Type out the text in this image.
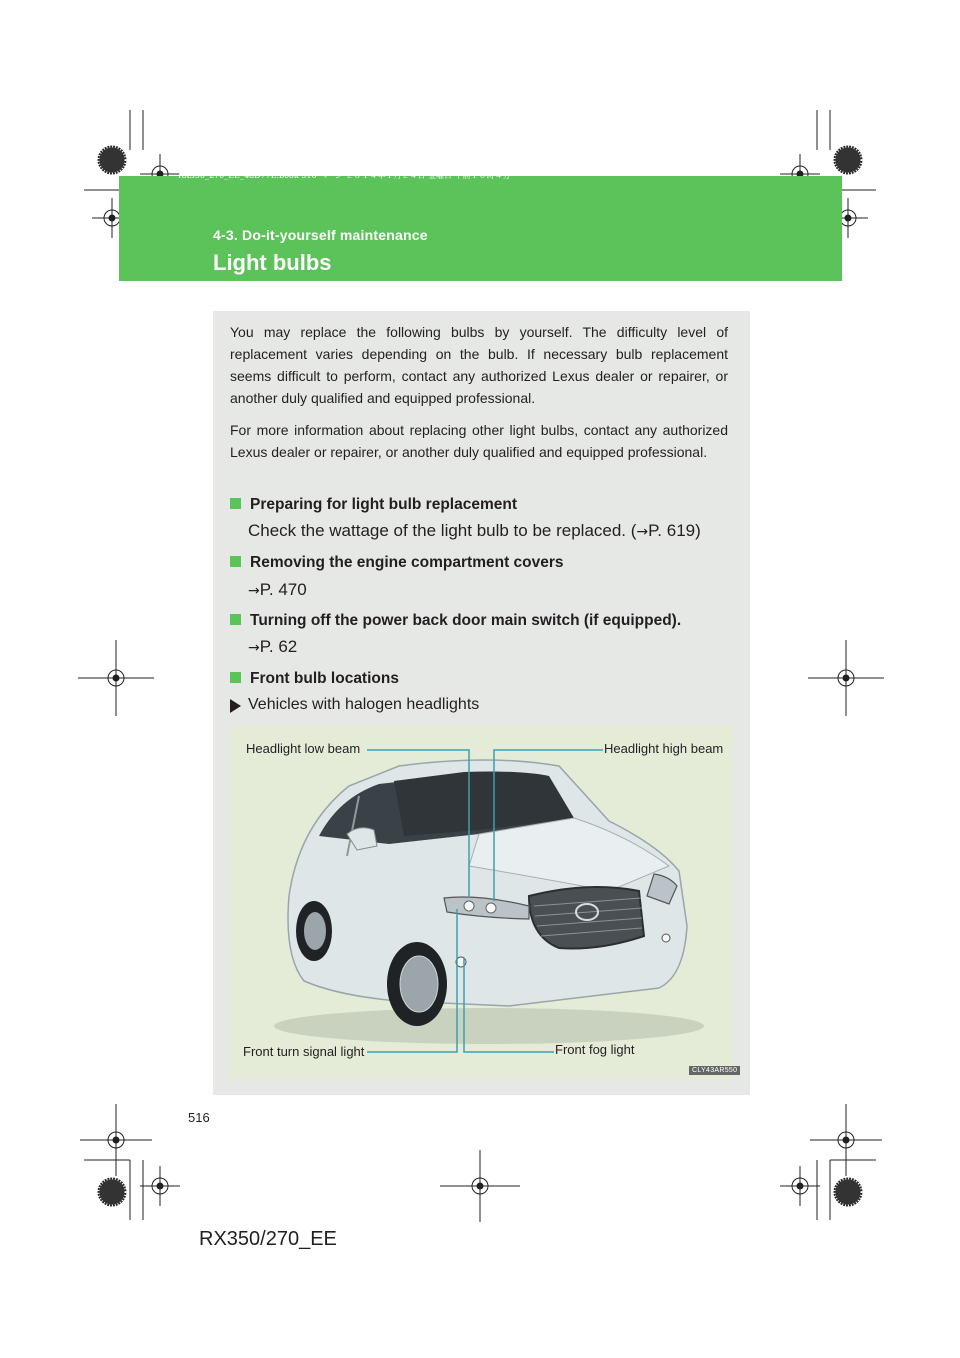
RX350_270_EE_48D77E.book 516 ページ ２０１４年１月２４日 金曜日 午前１０時４分
4-3. Do-it-yourself maintenance
Light bulbs
You may replace the following bulbs by yourself. The difficulty level of replacement varies depending on the bulb. If necessary bulb replacement seems difficult to perform, contact any authorized Lexus dealer or repairer, or another duly qualified and equipped professional.
For more information about replacing other light bulbs, contact any authorized Lexus dealer or repairer, or another duly qualified and equipped professional.
Preparing for light bulb replacement
Check the wattage of the light bulb to be replaced. (→P. 619)
Removing the engine compartment covers
→P. 470
Turning off the power back door main switch (if equipped).
→P. 62
Front bulb locations
Vehicles with halogen headlights
Headlight low beam	Headlight high beam
Front turn signal light	Front fog light
CLY43AR550
516
RX350/270_EE
